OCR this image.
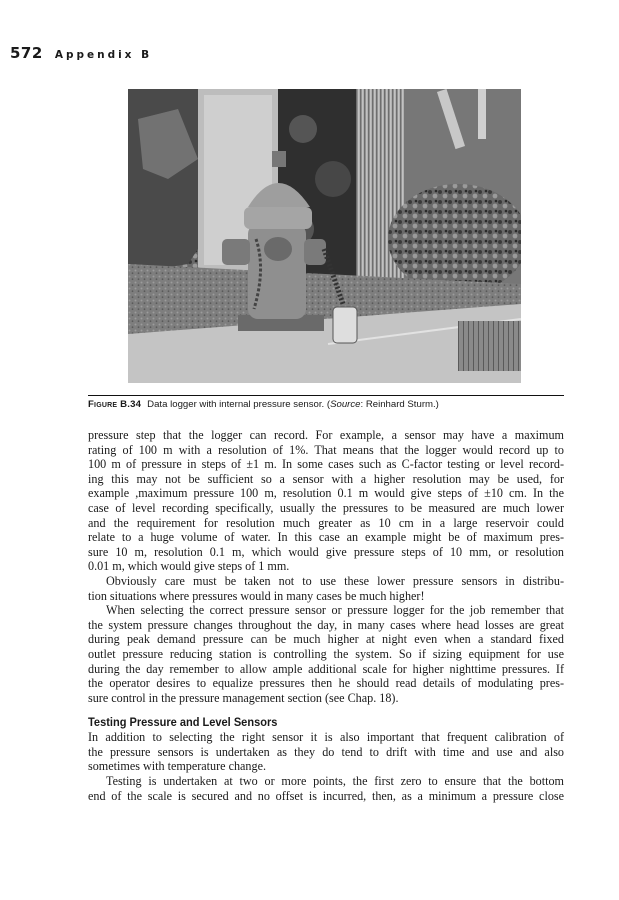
572 Appendix B
Figure B.34 Data logger with internal pressure sensor. (Source: Reinhard Sturm.)

pressure step that the logger can record. For example, a sensor may have a maximum
rating of 100 m with a resolution of 1%. That means that the logger would record up to
100 m of pressure in steps of ±1 m. In some cases such as C-factor testing or level record-
ing this may not be sufficient so a sensor with a higher resolution may be used, for
example ,maximum pressure 100 m, resolution 0.1 m would give steps of ±10 cm. In the
case of level recording specifically, usually the pressures to be measured are much lower
and the requirement for resolution much greater as 10 cm in a large reservoir could
relate to a huge volume of water. In this case an example might be of maximum pres-
sure 10 m, resolution 0.1 m, which would give pressure steps of 10 mm, or resolution
0.01 m, which would give steps of 1 mm.

Obviously care must be taken not to use these lower pressure sensors in distribu-
tion situations where pressures would in many cases be much higher!

When selecting the correct pressure sensor or pressure logger for the job remember that
the system pressure changes throughout the day, in many cases where head losses are great
during peak demand pressure can be much higher at night even when a standard fixed
outlet pressure reducing station is controlling the system. So if sizing equipment for use
during the day remember to allow ample additional scale for higher nighttime pressures. If
the operator desires to equalize pressures then he should read details of modulating pres-
sure control in the pressure management section (see Chap. 18).

Testing Pressure and Level Sensors

In addition to selecting the right sensor it is also important that frequent calibration of
the pressure sensors is undertaken as they do tend to drift with time and use and also
sometimes with temperature change.

Testing is undertaken at two or more points, the first zero to ensure that the bottom
end of the scale is secured and no offset is incurred, then, as a minimum a pressure close
